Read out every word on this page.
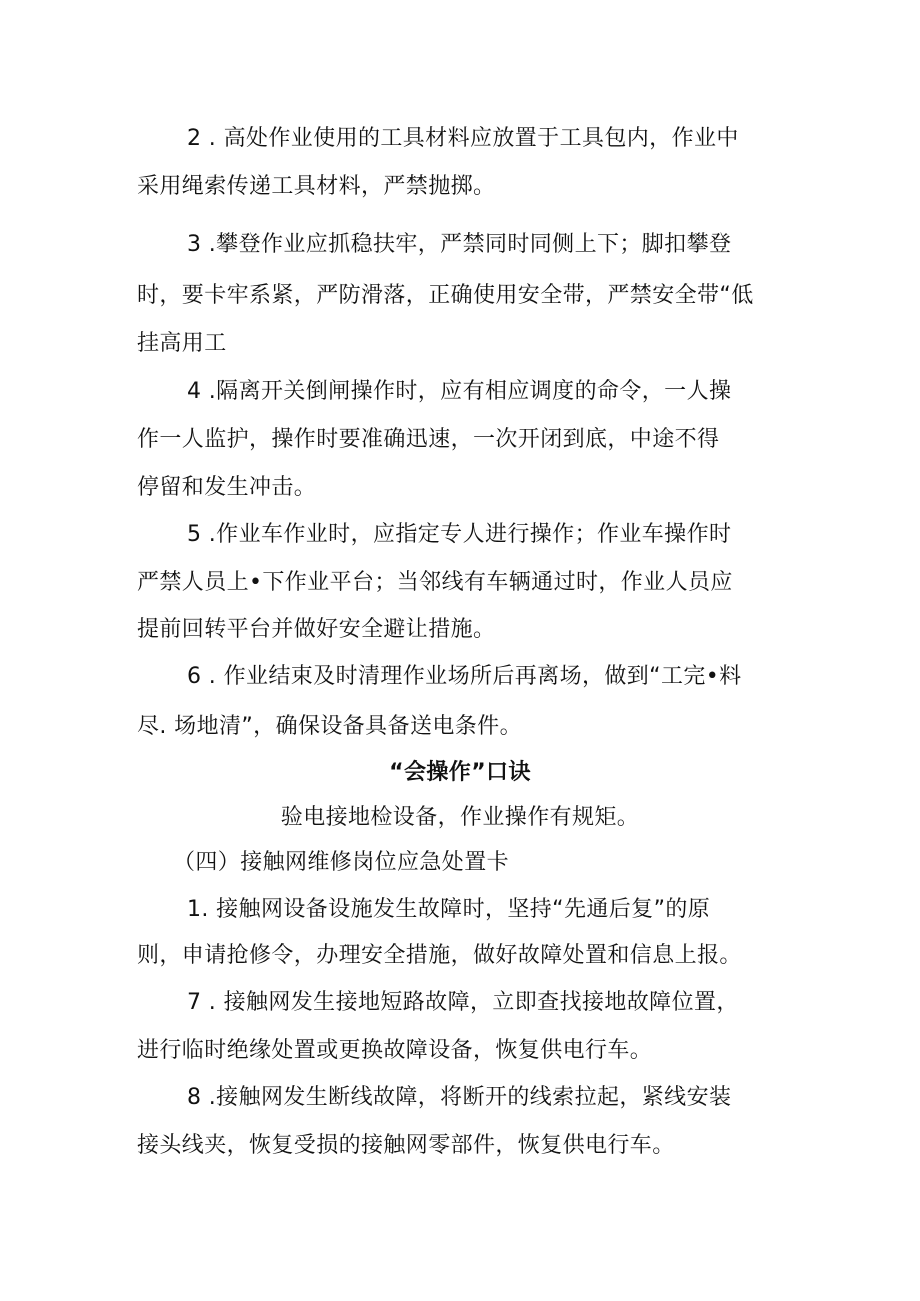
2 . 高处作业使用的工具材料应放置于工具包内，作业中
采用绳索传递工具材料，严禁抛掷。
3 .攀登作业应抓稳扶牢，严禁同时同侧上下；脚扣攀登
时，要卡牢系紧，严防滑落，正确使用安全带，严禁安全带“低
挂高用工
4 .隔离开关倒闸操作时，应有相应调度的命令，一人操
作一人监护，操作时要准确迅速，一次开闭到底，中途不得
停留和发生冲击。
5 .作业车作业时，应指定专人进行操作；作业车操作时
严禁人员上•下作业平台；当邻线有车辆通过时，作业人员应
提前回转平台并做好安全避让措施。
6 . 作业结束及时清理作业场所后再离场，做到“工完•料
尽. 场地清”，确保设备具备送电条件。
“会操作”口诀
验电接地检设备，作业操作有规矩。
（四）接触网维修岗位应急处置卡
1. 接触网设备设施发生故障时，坚持“先通后复”的原
则，申请抢修令，办理安全措施，做好故障处置和信息上报。
7 . 接触网发生接地短路故障，立即查找接地故障位置，
进行临时绝缘处置或更换故障设备，恢复供电行车。
8 .接触网发生断线故障，将断开的线索拉起，紧线安装
接头线夹，恢复受损的接触网零部件，恢复供电行车。
